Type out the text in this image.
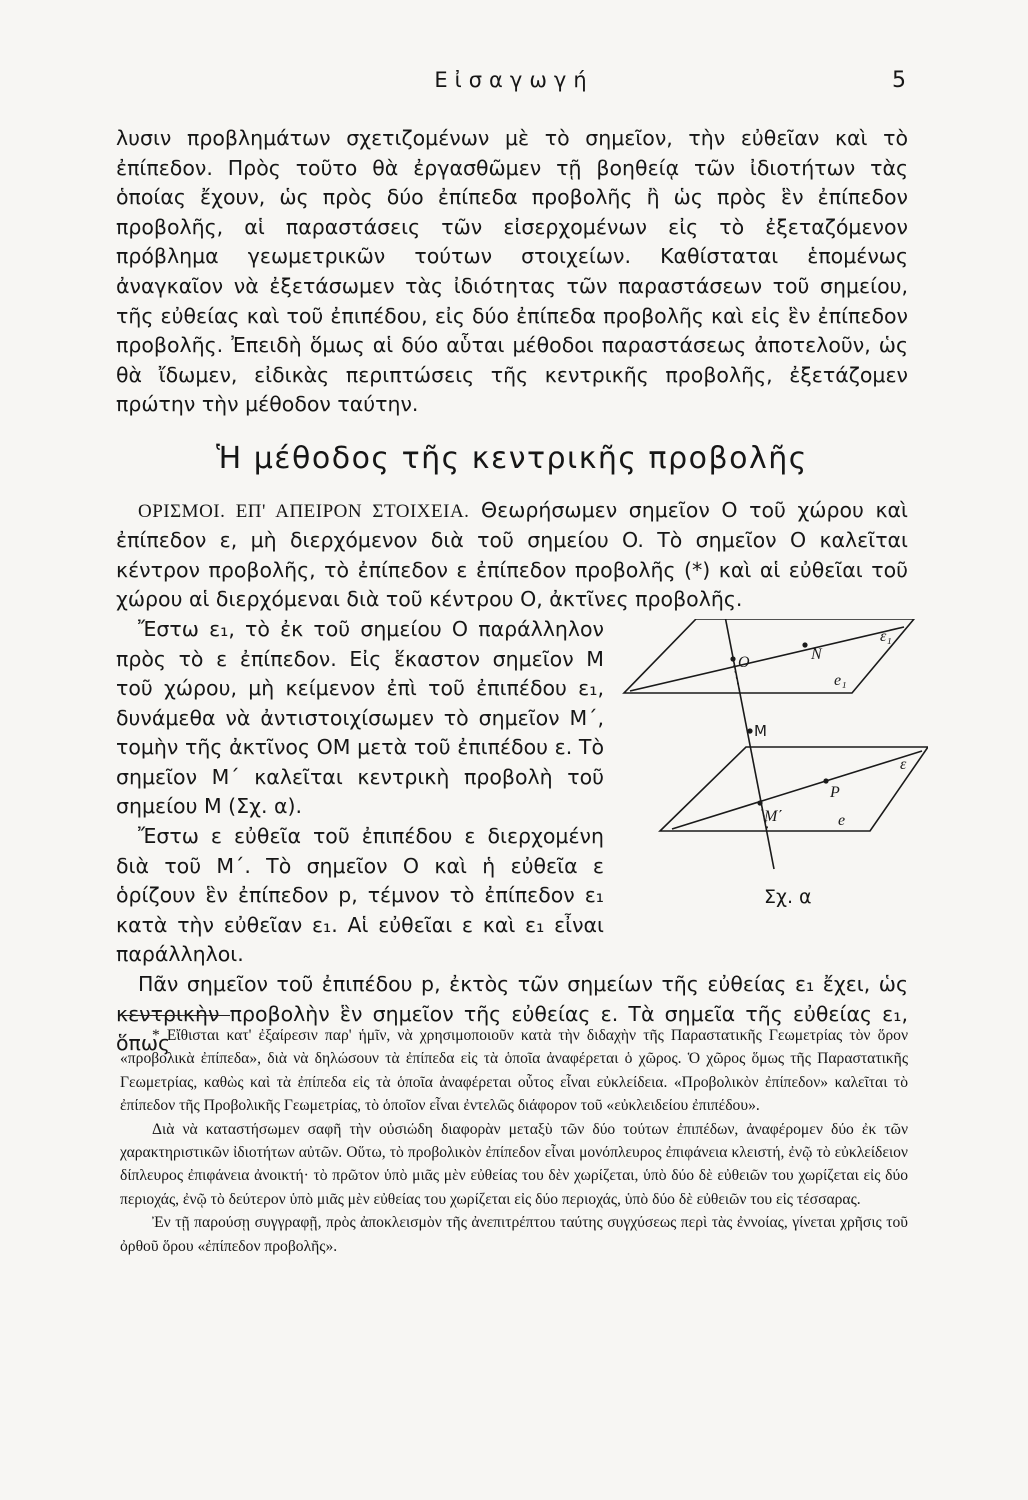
Εἰσαγωγή	5

λυσιν προβλημάτων σχετιζομένων μὲ τὸ σημεῖον, τὴν εὐθεῖαν καὶ τὸ ἐπίπεδον. Πρὸς τοῦτο θὰ ἐργασθῶμεν τῇ βοηθείᾳ τῶν ἰδιοτήτων τὰς ὁποίας ἔχουν, ὡς πρὸς δύο ἐπίπεδα προβολῆς ἢ ὡς πρὸς ἓν ἐπίπεδον προβολῆς, αἱ παραστάσεις τῶν εἰσερχομένων εἰς τὸ ἐξεταζόμενον πρόβλημα γεωμετρικῶν τούτων στοιχείων. Καθίσταται ἑπομένως ἀναγκαῖον νὰ ἐξετάσωμεν τὰς ἰδιότητας τῶν παραστάσεων τοῦ σημείου, τῆς εὐθείας καὶ τοῦ ἐπιπέδου, εἰς δύο ἐπίπεδα προβολῆς καὶ εἰς ἓν ἐπίπεδον προβολῆς. Ἐπειδὴ ὅμως αἱ δύο αὗται μέθοδοι παραστάσεως ἀποτελοῦν, ὡς θὰ ἴδωμεν, εἰδικὰς περιπτώσεις τῆς κεντρικῆς προβολῆς, ἐξετάζομεν πρώτην τὴν μέθοδον ταύτην.

Ἡ μέθοδος τῆς κεντρικῆς προβολῆς

ΟΡΙΣΜΟΙ. ΕΠ' ΑΠΕΙΡΟΝ ΣΤΟΙΧΕΙΑ. Θεωρήσωμεν σημεῖον O τοῦ χώρου καὶ ἐπίπεδον ε, μὴ διερχόμενον διὰ τοῦ σημείου O. Τὸ σημεῖον O καλεῖται κέντρον προβολῆς, τὸ ἐπίπεδον ε ἐπίπεδον προβολῆς (*) καὶ αἱ εὐθεῖαι τοῦ χώρου αἱ διερχόμεναι διὰ τοῦ κέντρου O, ἀκτῖνες προβολῆς.

ε₁
O	N
e₁
M
ε
P
M΄	e
Σχ. α

Ἔστω ε₁, τὸ ἐκ τοῦ σημείου O παράλληλον πρὸς τὸ ε ἐπίπεδον. Εἰς ἕκαστον σημεῖον M τοῦ χώρου, μὴ κείμενον ἐπὶ τοῦ ἐπιπέδου ε₁, δυνάμεθα νὰ ἀντιστοιχίσωμεν τὸ σημεῖον M΄, τομὴν τῆς ἀκτῖνος OM μετὰ τοῦ ἐπιπέδου ε. Τὸ σημεῖον M΄ καλεῖται κεντρικὴ προβολὴ τοῦ σημείου M (Σχ. α).

Ἔστω ε εὐθεῖα τοῦ ἐπιπέδου ε διερχομένη διὰ τοῦ M΄. Τὸ σημεῖον O καὶ ἡ εὐθεῖα ε ὁρίζουν ἓν ἐπίπεδον p, τέμνον τὸ ἐπίπεδον ε₁ κατὰ τὴν εὐθεῖαν ε₁. Αἱ εὐθεῖαι ε καὶ ε₁ εἶναι παράλληλοι.

Πᾶν σημεῖον τοῦ ἐπιπέδου p, ἐκτὸς τῶν σημείων τῆς εὐθείας ε₁ ἔχει, ὡς κεντρικὴν προβολὴν ἓν σημεῖον τῆς εὐθείας ε. Τὰ σημεῖα τῆς εὐθείας ε₁, ὅπως

* Εἴθισται κατ' ἐξαίρεσιν παρ' ἡμῖν, νὰ χρησιμοποιοῦν κατὰ τὴν διδαχὴν τῆς Παραστατικῆς Γεωμετρίας τὸν ὅρον «προβολικὰ ἐπίπεδα», διὰ νὰ δηλώσουν τὰ ἐπίπεδα εἰς τὰ ὁποῖα ἀναφέρεται ὁ χῶρος. Ὁ χῶρος ὅμως τῆς Παραστατικῆς Γεωμετρίας, καθὼς καὶ τὰ ἐπίπεδα εἰς τὰ ὁποῖα ἀναφέρεται οὗτος εἶναι εὐκλείδεια. «Προβολικὸν ἐπίπεδον» καλεῖται τὸ ἐπίπεδον τῆς Προβολικῆς Γεωμετρίας, τὸ ὁποῖον εἶναι ἐντελῶς διάφορον τοῦ «εὐκλειδείου ἐπιπέδου».

Διὰ νὰ καταστήσωμεν σαφῆ τὴν οὐσιώδη διαφορὰν μεταξὺ τῶν δύο τούτων ἐπιπέδων, ἀναφέρομεν δύο ἐκ τῶν χαρακτηριστικῶν ἰδιοτήτων αὐτῶν. Οὕτω, τὸ προβολικὸν ἐπίπεδον εἶναι μονόπλευρος ἐπιφάνεια κλειστή, ἐνῷ τὸ εὐκλείδειον δίπλευρος ἐπιφάνεια ἀνοικτή· τὸ πρῶτον ὑπὸ μιᾶς μὲν εὐθείας του δὲν χωρίζεται, ὑπὸ δύο δὲ εὐθειῶν του χωρίζεται εἰς δύο περιοχάς, ἐνῷ τὸ δεύτερον ὑπὸ μιᾶς μὲν εὐθείας του χωρίζεται εἰς δύο περιοχάς, ὑπὸ δύο δὲ εὐθειῶν του εἰς τέσσαρας.

Ἐν τῇ παρούσῃ συγγραφῇ, πρὸς ἀποκλεισμὸν τῆς ἀνεπιτρέπτου ταύτης συγχύσεως περὶ τὰς ἐννοίας, γίνεται χρῆσις τοῦ ὀρθοῦ ὅρου «ἐπίπεδον προβολῆς».
